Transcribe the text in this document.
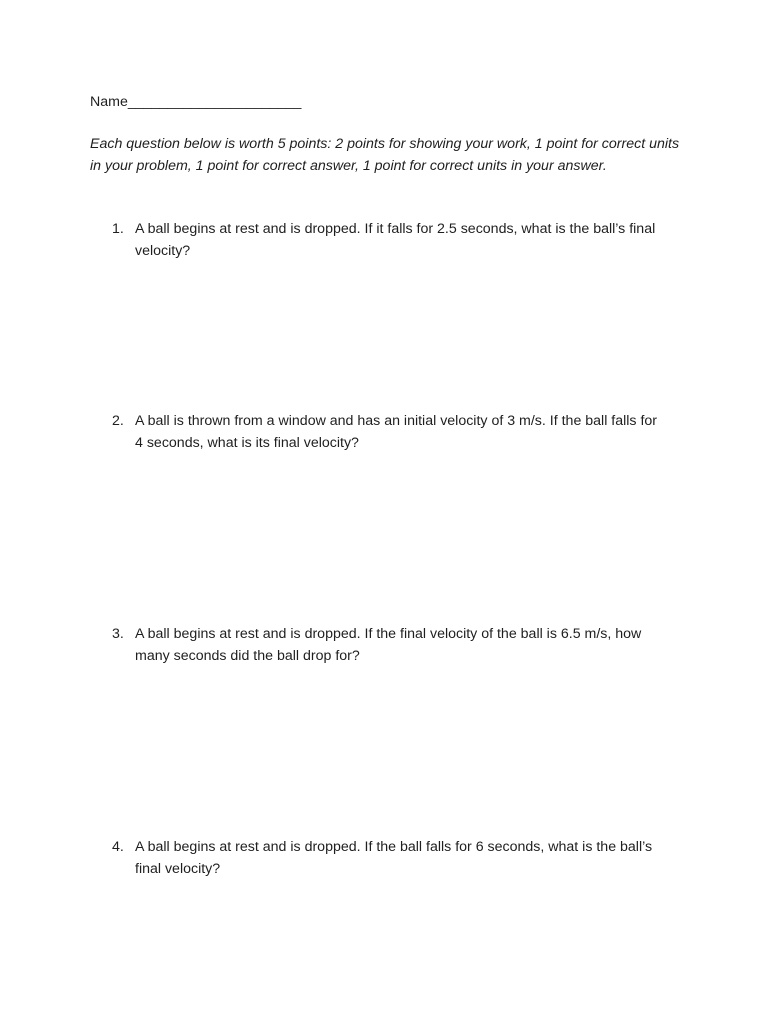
Name______________________
Each question below is worth 5 points: 2 points for showing your work, 1 point for correct units in your problem, 1 point for correct answer, 1 point for correct units in your answer.
1. A ball begins at rest and is dropped. If it falls for 2.5 seconds, what is the ball’s final velocity?
2. A ball is thrown from a window and has an initial velocity of 3 m/s. If the ball falls for 4 seconds, what is its final velocity?
3. A ball begins at rest and is dropped. If the final velocity of the ball is 6.5 m/s, how many seconds did the ball drop for?
4. A ball begins at rest and is dropped. If the ball falls for 6 seconds, what is the ball’s final velocity?
